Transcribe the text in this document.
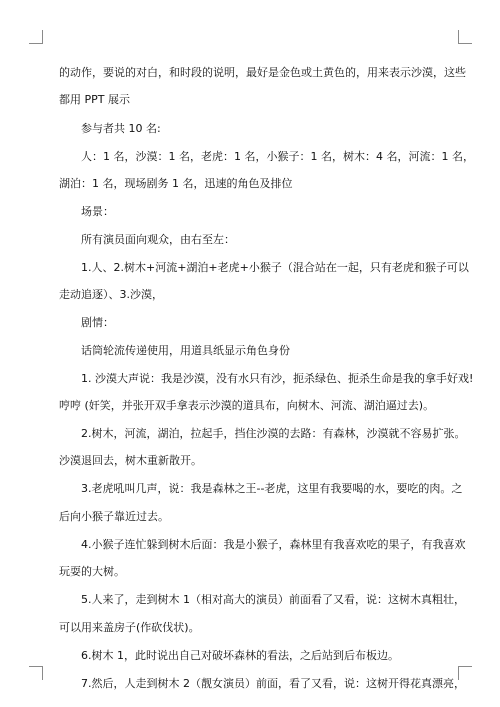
的动作，要说的对白，和时段的说明，最好是金色或土黄色的，用来表示沙漠，这些
都用 PPT 展示
参与者共 10 名:
人：1 名，沙漠：1 名，老虎：1 名，小猴子：1 名，树木：4 名，河流：1 名，
湖泊：1 名，现场剧务 1 名，迅速的角色及排位
场景：
所有演员面向观众，由右至左：
1.人、2.树木+河流+湖泊+老虎+小猴子（混合站在一起，只有老虎和猴子可以
走动追逐）、3.沙漠，
剧情：
话筒轮流传递使用，用道具纸显示角色身份
1. 沙漠大声说：我是沙漠，没有水只有沙，扼杀绿色、扼杀生命是我的拿手好戏!
哼哼 (奸笑，并张开双手拿表示沙漠的道具布，向树木、河流、湖泊逼过去)。
2.树木，河流，湖泊，拉起手，挡住沙漠的去路：有森林，沙漠就不容易扩张。
沙漠退回去，树木重新散开。
3.老虎吼叫几声，说：我是森林之王--老虎，这里有我要喝的水，要吃的肉。之
后向小猴子靠近过去。
4.小猴子连忙躲到树木后面：我是小猴子，森林里有我喜欢吃的果子，有我喜欢
玩耍的大树。
5.人来了，走到树木 1（相对高大的演员）前面看了又看，说：这树木真粗壮，
可以用来盖房子(作砍伐状)。
6.树木 1，此时说出自己对破坏森林的看法，之后站到后布板边。
7.然后，人走到树木 2（靓女演员）前面，看了又看，说：这树开得花真漂亮，
